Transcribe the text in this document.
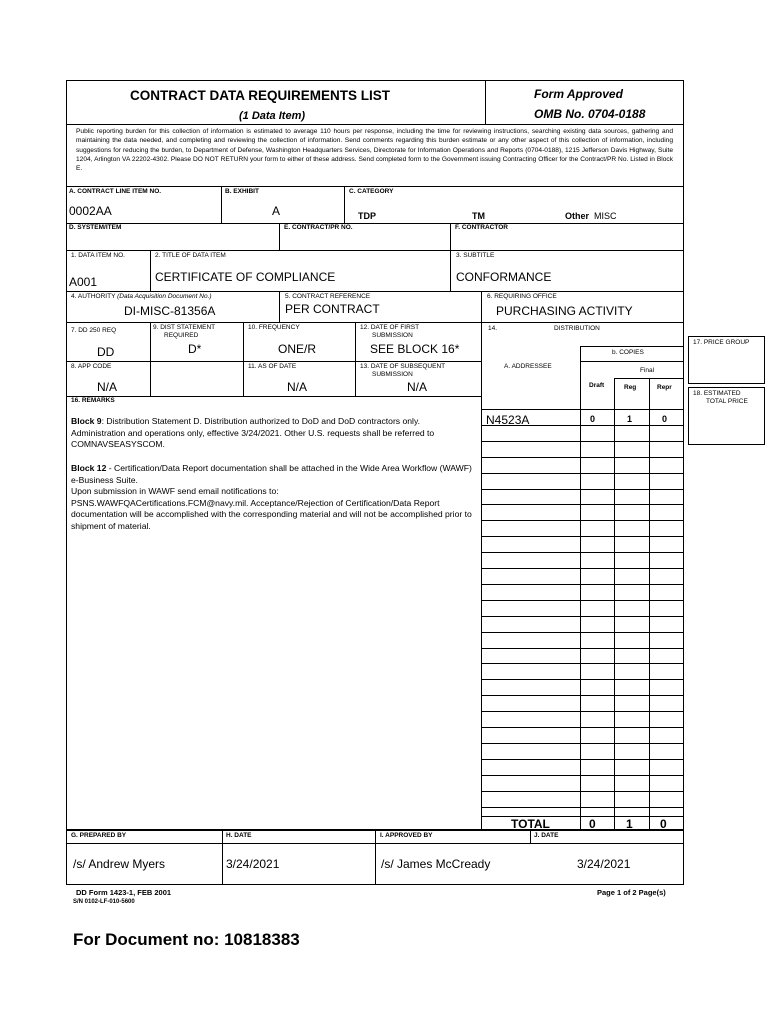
CONTRACT DATA REQUIREMENTS LIST
(1 Data Item)
Form Approved
OMB No. 0704-0188
Public reporting burden for this collection of information is estimated to average 110 hours per response, including the time for reviewing instructions, searching existing data sources, gathering and maintaining the data needed, and completing and reviewing the collection of information. Send comments regarding this burden estimate or any other aspect of this collection of information, including suggestions for reducing the burden, to Department of Defense, Washington Headquarters Services, Directorate for Information Operations and Reports (0704-0188), 1215 Jefferson Davis Highway, Suite 1204, Arlington VA 22202-4302. Please DO NOT RETURN your form to either of these address. Send completed form to the Government issuing Contracting Officer for the Contract/PR No. Listed in Block E.
A. CONTRACT LINE ITEM NO.
0002AA
B. EXHIBIT
A
C. CATEGORY
TDP	TM	Other MISC
D. SYSTEM/ITEM	E. CONTRACT/PR NO.	F. CONTRACTOR
1. DATA ITEM NO.
A001
2. TITLE OF DATA ITEM
CERTIFICATE OF COMPLIANCE
3. SUBTITLE
CONFORMANCE
4. AUTHORITY (Data Acquisition Document No.)
DI-MISC-81356A
5. CONTRACT REFERENCE
PER CONTRACT
6. REQUIRING OFFICE
PURCHASING ACTIVITY
7. DD 250 REQ
DD
9. DIST STATEMENT
REQUIRED
D*
10. FREQUENCY
ONE/R
12. DATE OF FIRST
SUBMISSION
SEE BLOCK 16*
8. APP CODE
N/A
11. AS OF DATE
N/A
13. DATE OF SUBSEQUENT
SUBMISSION
N/A
16. REMARKS
Block 9: Distribution Statement D. Distribution authorized to DoD and DoD contractors only. Administration and operations only, effective 3/24/2021. Other U.S. requests shall be referred to COMNAVSEASYSCOM.
Block 12 - Certification/Data Report documentation shall be attached in the Wide Area Workflow (WAWF) e-Business Suite.
Upon submission in WAWF send email notifications to:
PSNS.WAWFQACertifications.FCM@navy.mil. Acceptance/Rejection of Certification/Data Report documentation will be accomplished with the corresponding material and will not be accomplished prior to shipment of material.
14.	DISTRIBUTION
b. COPIES
A. ADDRESSEE
Final
Draft	Reg	Repr
N4523A	0	1	0
TOTAL	0	1 0
G. PREPARED BY
/s/ Andrew Myers
H. DATE
3/24/2021
I. APPROVED BY
/s/ James McCready
J. DATE
3/24/2021
17. PRICE GROUP
18. ESTIMATED
TOTAL PRICE
DD Form 1423-1, FEB 2001
S/N 0102-LF-010-5600
Page 1 of 2 Page(s)
For Document no: 10818383
